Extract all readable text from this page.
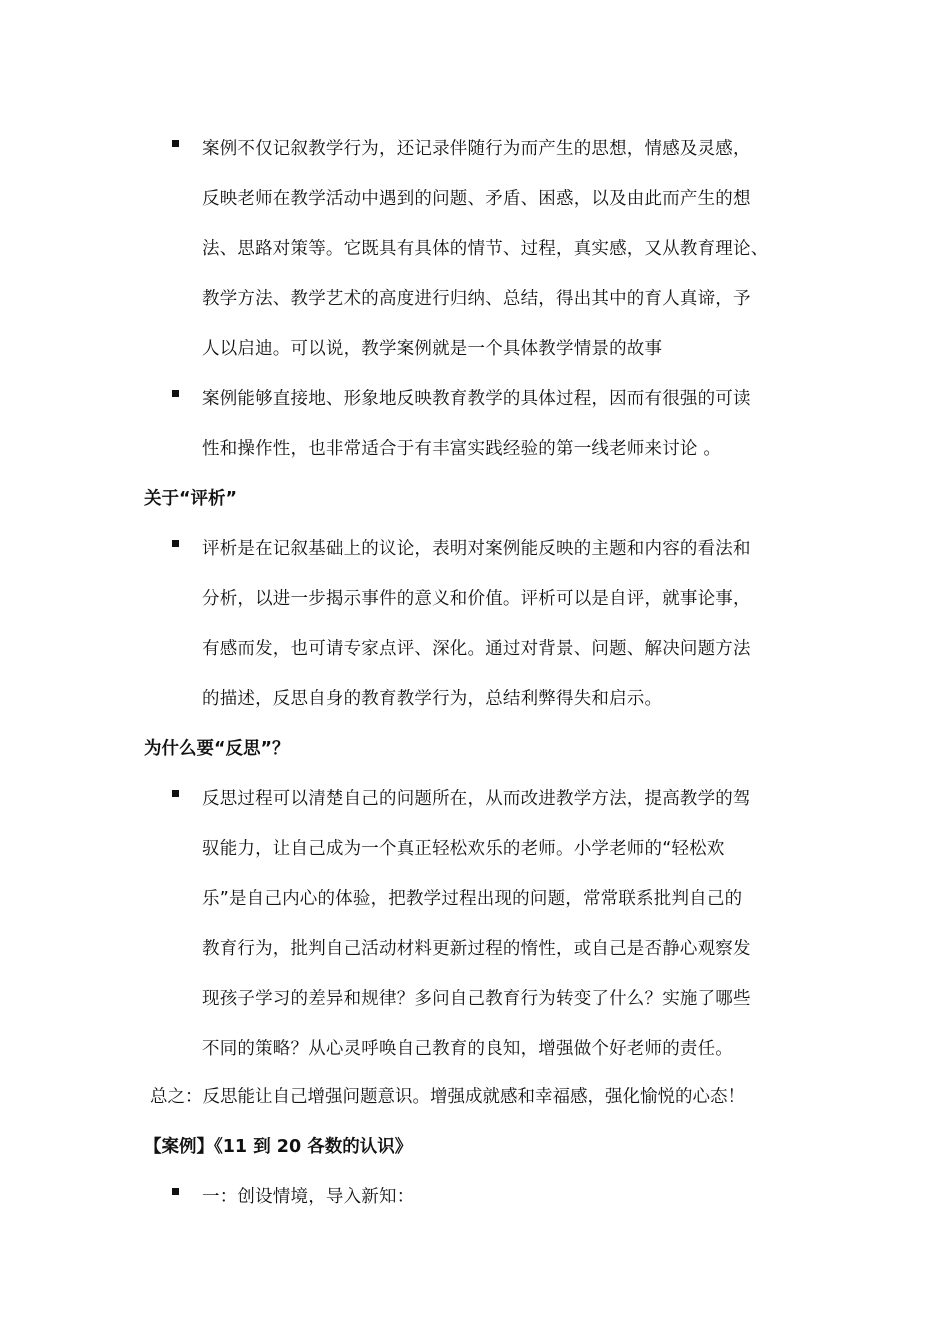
案例不仅记叙教学行为，还记录伴随行为而产生的思想，情感及灵感，
反映老师在教学活动中遇到的问题、矛盾、困惑，以及由此而产生的想
法、思路对策等。它既具有具体的情节、过程，真实感，又从教育理论、
教学方法、教学艺术的高度进行归纳、总结，得出其中的育人真谛，予
人以启迪。可以说，教学案例就是一个具体教学情景的故事
案例能够直接地、形象地反映教育教学的具体过程，因而有很强的可读
性和操作性，也非常适合于有丰富实践经验的第一线老师来讨论 。
关于“评析”
评析是在记叙基础上的议论，表明对案例能反映的主题和内容的看法和
分析，以进一步揭示事件的意义和价值。评析可以是自评，就事论事，
有感而发，也可请专家点评、深化。通过对背景、问题、解决问题方法
的描述，反思自身的教育教学行为，总结利弊得失和启示。
为什么要“反思”？
反思过程可以清楚自己的问题所在，从而改进教学方法，提高教学的驾
驭能力，让自己成为一个真正轻松欢乐的老师。小学老师的“轻松欢
乐”是自己内心的体验，把教学过程出现的问题，常常联系批判自己的
教育行为，批判自己活动材料更新过程的惰性，或自己是否静心观察发
现孩子学习的差异和规律？多问自己教育行为转变了什么？实施了哪些
不同的策略？从心灵呼唤自己教育的良知，增强做个好老师的责任。
总之：反思能让自己增强问题意识。增强成就感和幸福感，强化愉悦的心态！
【案例】《11 到 20 各数的认识》
一：创设情境，导入新知：
